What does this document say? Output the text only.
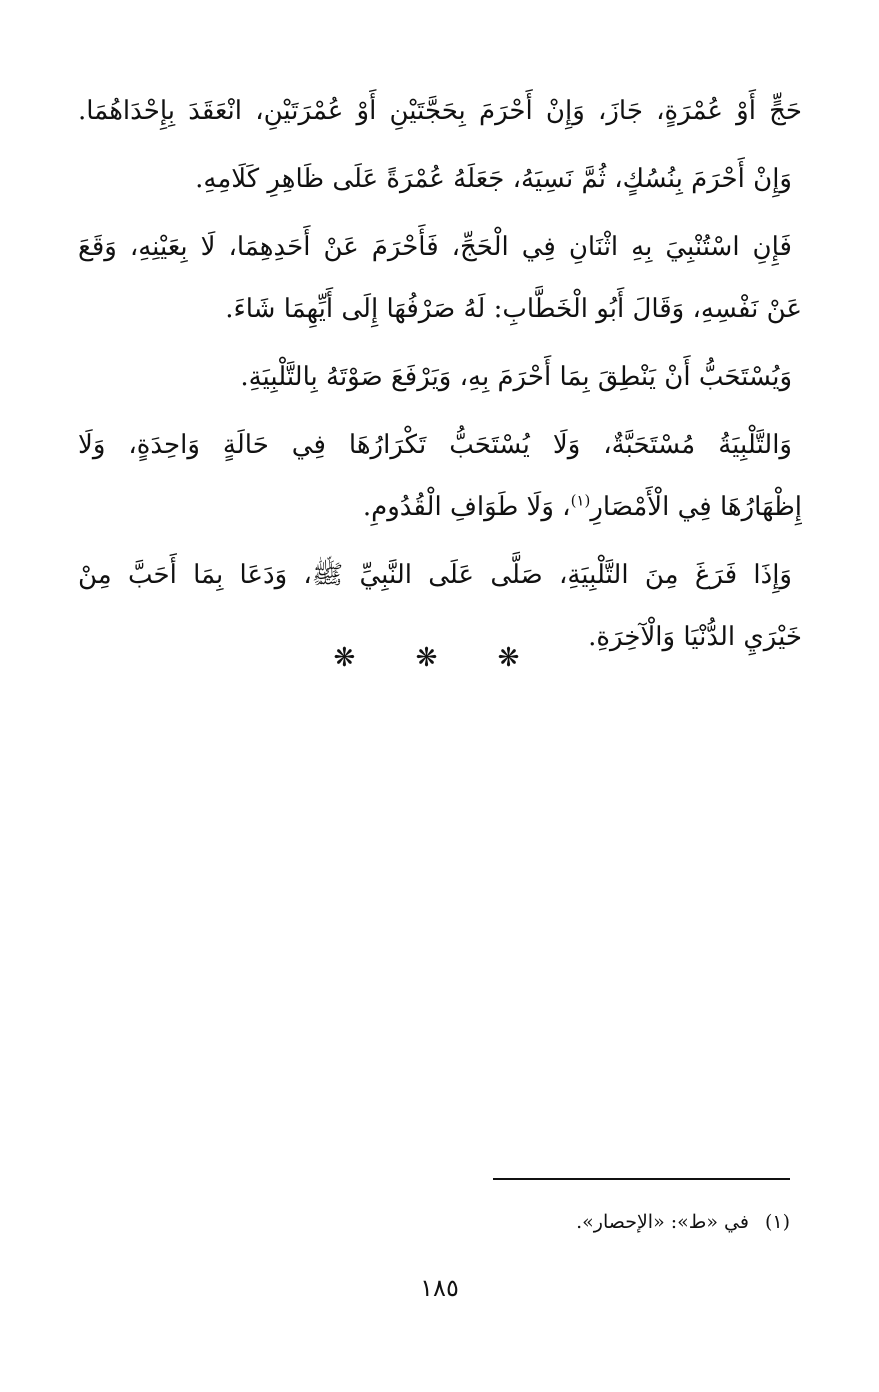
حَجٍّ أَوْ عُمْرَةٍ، جَازَ، وَإِنْ أَحْرَمَ بِحَجَّتَيْنِ أَوْ عُمْرَتَيْنِ، انْعَقَدَ بِإِحْدَاهُمَا.
وَإِنْ أَحْرَمَ بِنُسُكٍ، ثُمَّ نَسِيَهُ، جَعَلَهُ عُمْرَةً عَلَى ظَاهِرِ كَلَامِهِ.
فَإِنِ اسْتُنْبِيَ بِهِ اثْنَانِ فِي الْحَجِّ، فَأَحْرَمَ عَنْ أَحَدِهِمَا، لَا بِعَيْنِهِ، وَقَعَ
عَنْ نَفْسِهِ، وَقَالَ أَبُو الْخَطَّابِ: لَهُ صَرْفُهَا إِلَى أَيِّهِمَا شَاءَ.
وَيُسْتَحَبُّ أَنْ يَنْطِقَ بِمَا أَحْرَمَ بِهِ، وَيَرْفَعَ صَوْتَهُ بِالتَّلْبِيَةِ.
وَالتَّلْبِيَةُ مُسْتَحَبَّةٌ، وَلَا يُسْتَحَبُّ تَكْرَارُهَا فِي حَالَةٍ وَاحِدَةٍ، وَلَا
إِظْهَارُهَا فِي الْأَمْصَارِ$^{(١)}$، وَلَا طَوَافِ الْقُدُومِ.
وَإِذَا فَرَغَ مِنَ التَّلْبِيَةِ، صَلَّى عَلَى النَّبِيِّ ﷺ، وَدَعَا بِمَا أَحَبَّ مِنْ
خَيْرَيِ الدُّنْيَا وَالْآخِرَةِ.
❋ ❋ ❋
(١)في «ط»: «الإحصار».
١٨٥
